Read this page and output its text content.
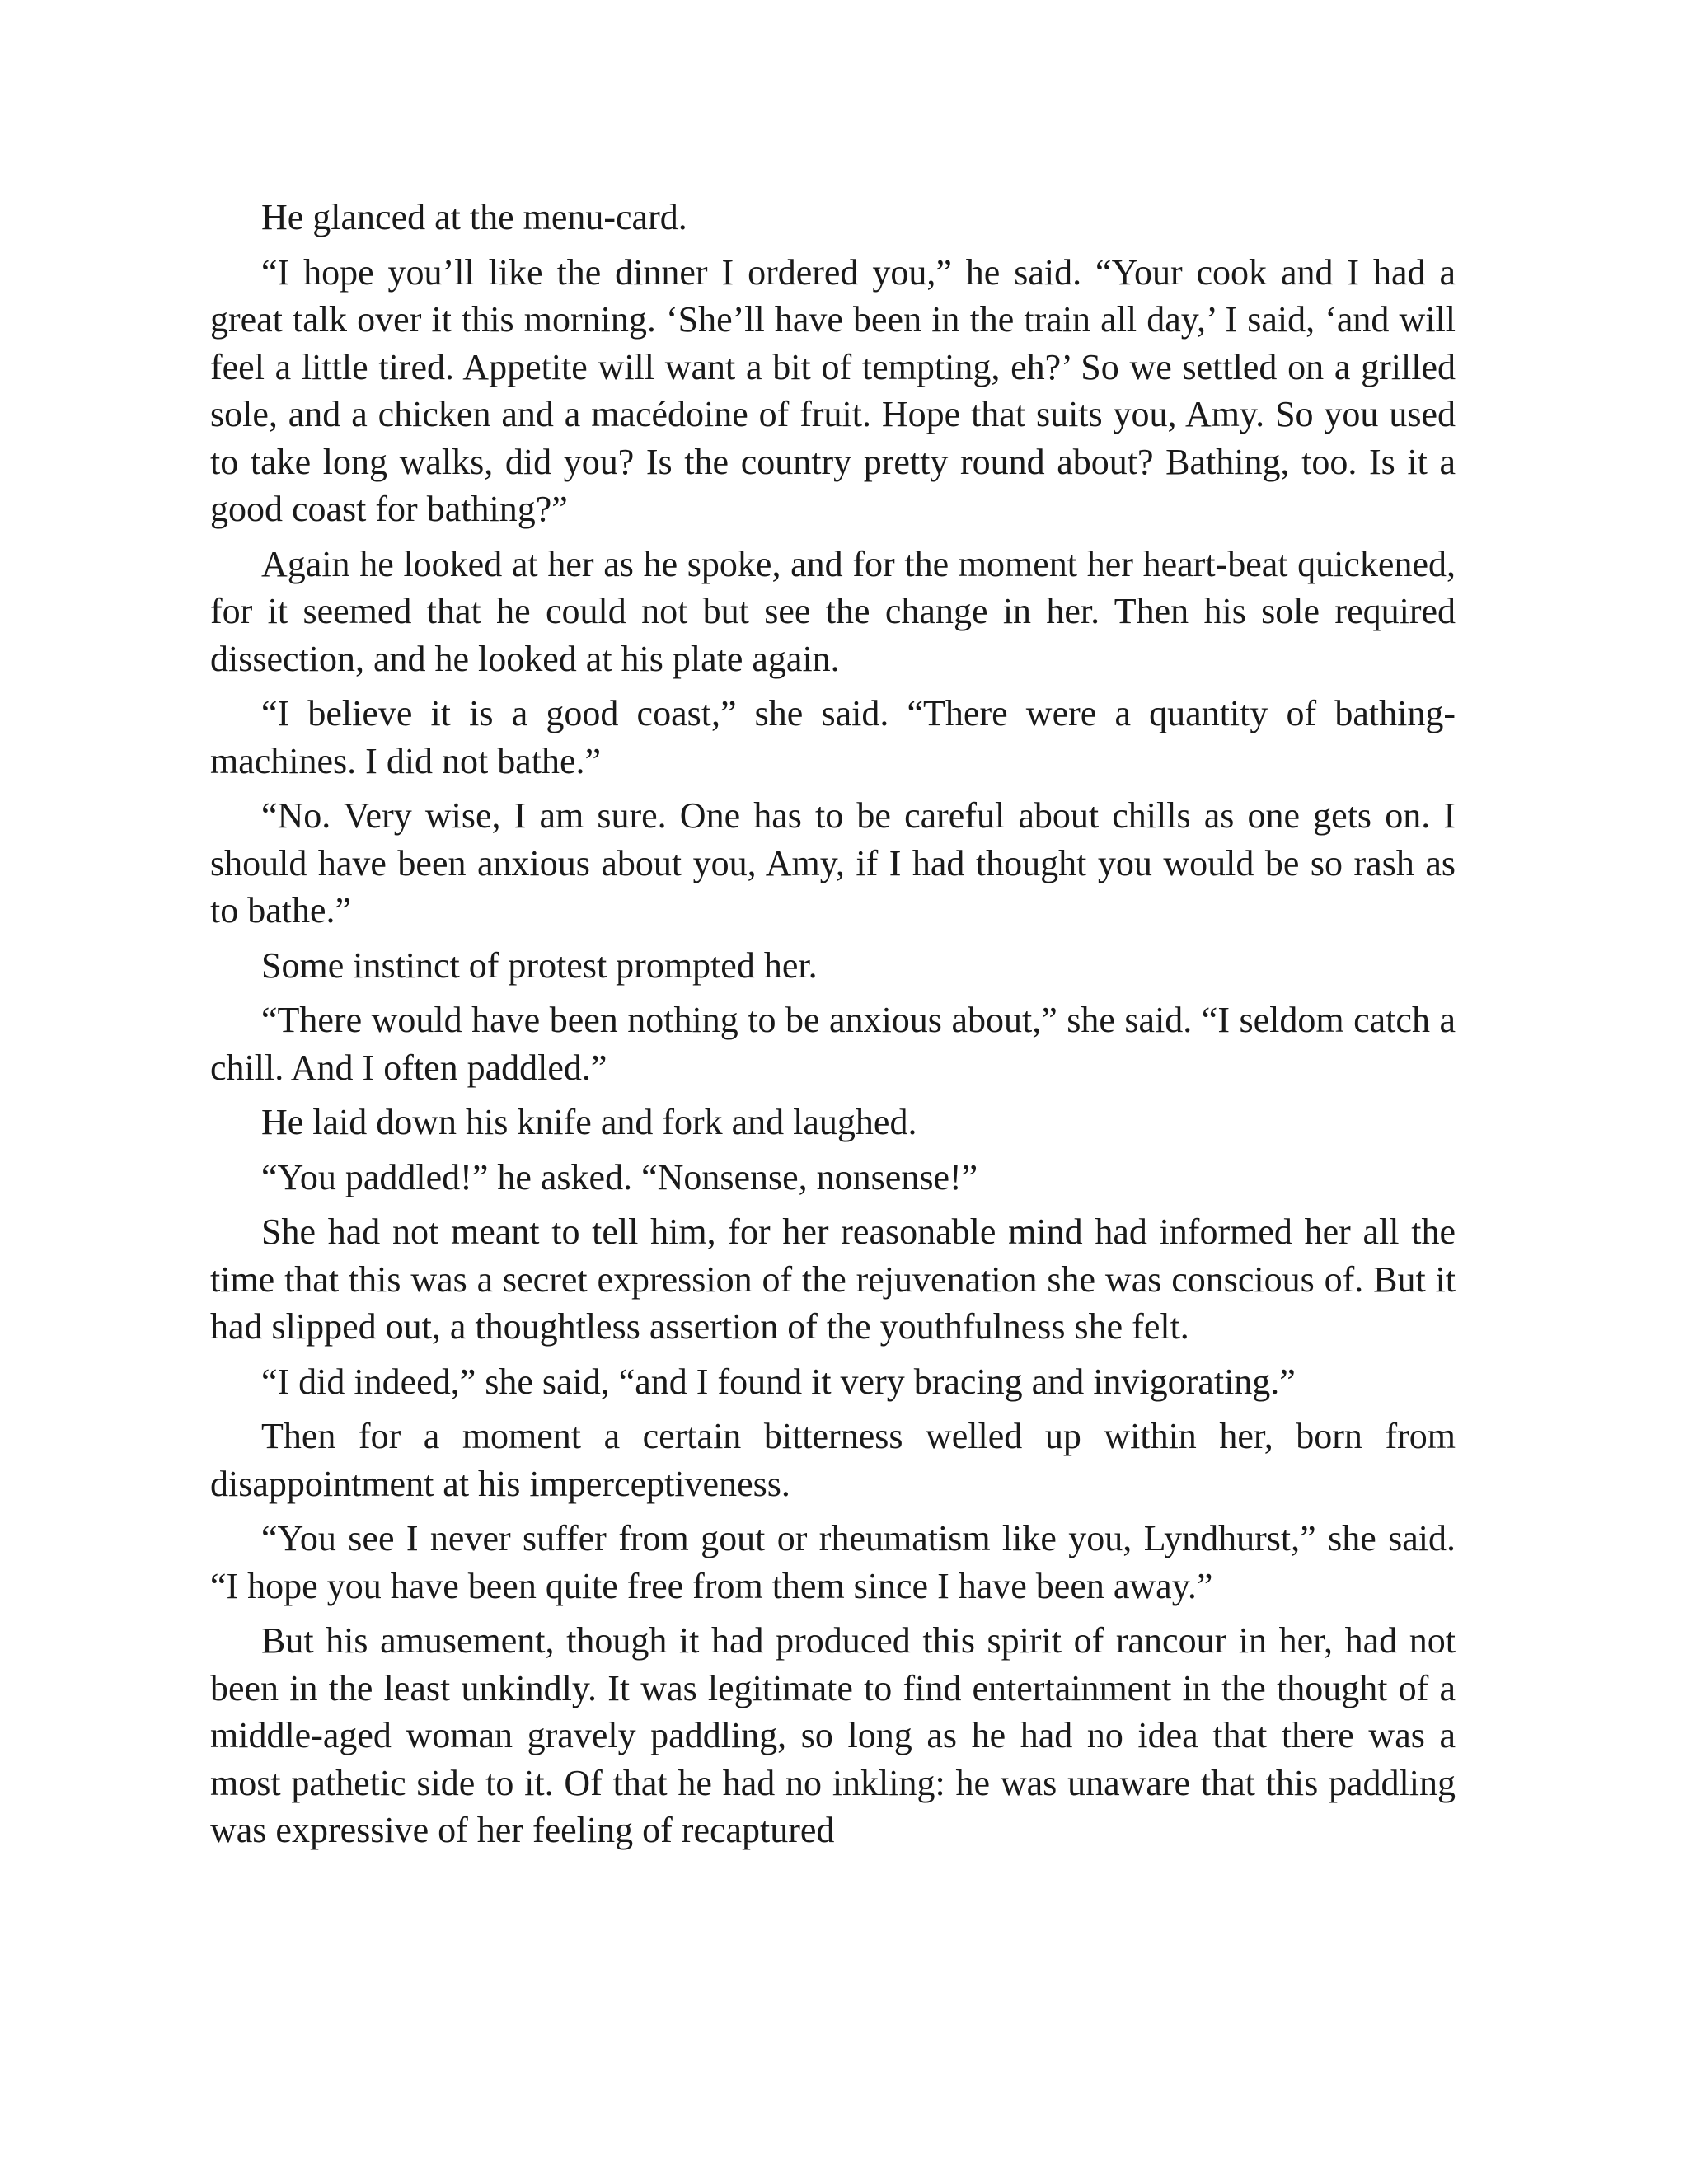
He glanced at the menu-card.

“I hope you’ll like the dinner I ordered you,” he said. “Your cook and I had a great talk over it this morning. ‘She’ll have been in the train all day,’ I said, ‘and will feel a little tired. Appetite will want a bit of tempting, eh?’ So we settled on a grilled sole, and a chicken and a macédoine of fruit. Hope that suits you, Amy. So you used to take long walks, did you? Is the country pretty round about? Bathing, too. Is it a good coast for bathing?”

Again he looked at her as he spoke, and for the moment her heart-beat quickened, for it seemed that he could not but see the change in her. Then his sole required dissection, and he looked at his plate again.

“I believe it is a good coast,” she said. “There were a quantity of bathing-machines. I did not bathe.”

“No. Very wise, I am sure. One has to be careful about chills as one gets on. I should have been anxious about you, Amy, if I had thought you would be so rash as to bathe.”

Some instinct of protest prompted her.

“There would have been nothing to be anxious about,” she said. “I seldom catch a chill. And I often paddled.”

He laid down his knife and fork and laughed.

“You paddled!” he asked. “Nonsense, nonsense!”

She had not meant to tell him, for her reasonable mind had informed her all the time that this was a secret expression of the rejuvenation she was conscious of. But it had slipped out, a thoughtless assertion of the youthfulness she felt.

“I did indeed,” she said, “and I found it very bracing and invigorating.”

Then for a moment a certain bitterness welled up within her, born from disappointment at his imperceptiveness.

“You see I never suffer from gout or rheumatism like you, Lyndhurst,” she said. “I hope you have been quite free from them since I have been away.”

But his amusement, though it had produced this spirit of rancour in her, had not been in the least unkindly. It was legitimate to find entertainment in the thought of a middle-aged woman gravely paddling, so long as he had no idea that there was a most pathetic side to it. Of that he had no inkling: he was unaware that this paddling was expressive of her feeling of recaptured
